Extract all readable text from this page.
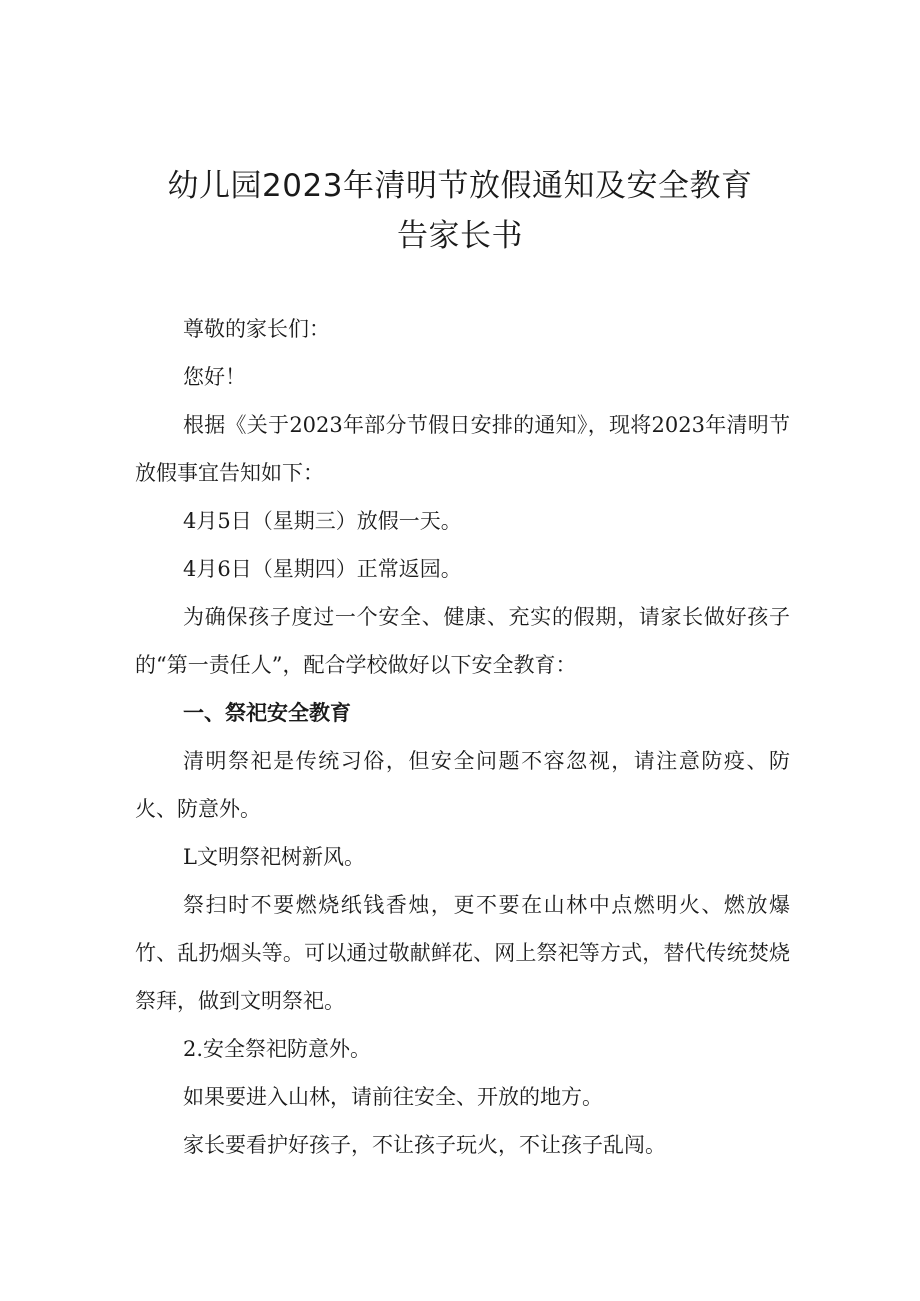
幼儿园2023年清明节放假通知及安全教育
告家长书

尊敬的家长们：

您好！

根据《关于2023年部分节假日安排的通知》，现将2023年清明节放假事宜告知如下：

4月5日（星期三）放假一天。

4月6日（星期四）正常返园。

为确保孩子度过一个安全、健康、充实的假期，请家长做好孩子的“第一责任人”，配合学校做好以下安全教育：

一、祭祀安全教育

清明祭祀是传统习俗，但安全问题不容忽视，请注意防疫、防火、防意外。

L文明祭祀树新风。

祭扫时不要燃烧纸钱香烛，更不要在山林中点燃明火、燃放爆竹、乱扔烟头等。可以通过敬献鲜花、网上祭祀等方式，替代传统焚烧祭拜，做到文明祭祀。

2.安全祭祀防意外。

如果要进入山林，请前往安全、开放的地方。

家长要看护好孩子，不让孩子玩火，不让孩子乱闯。
